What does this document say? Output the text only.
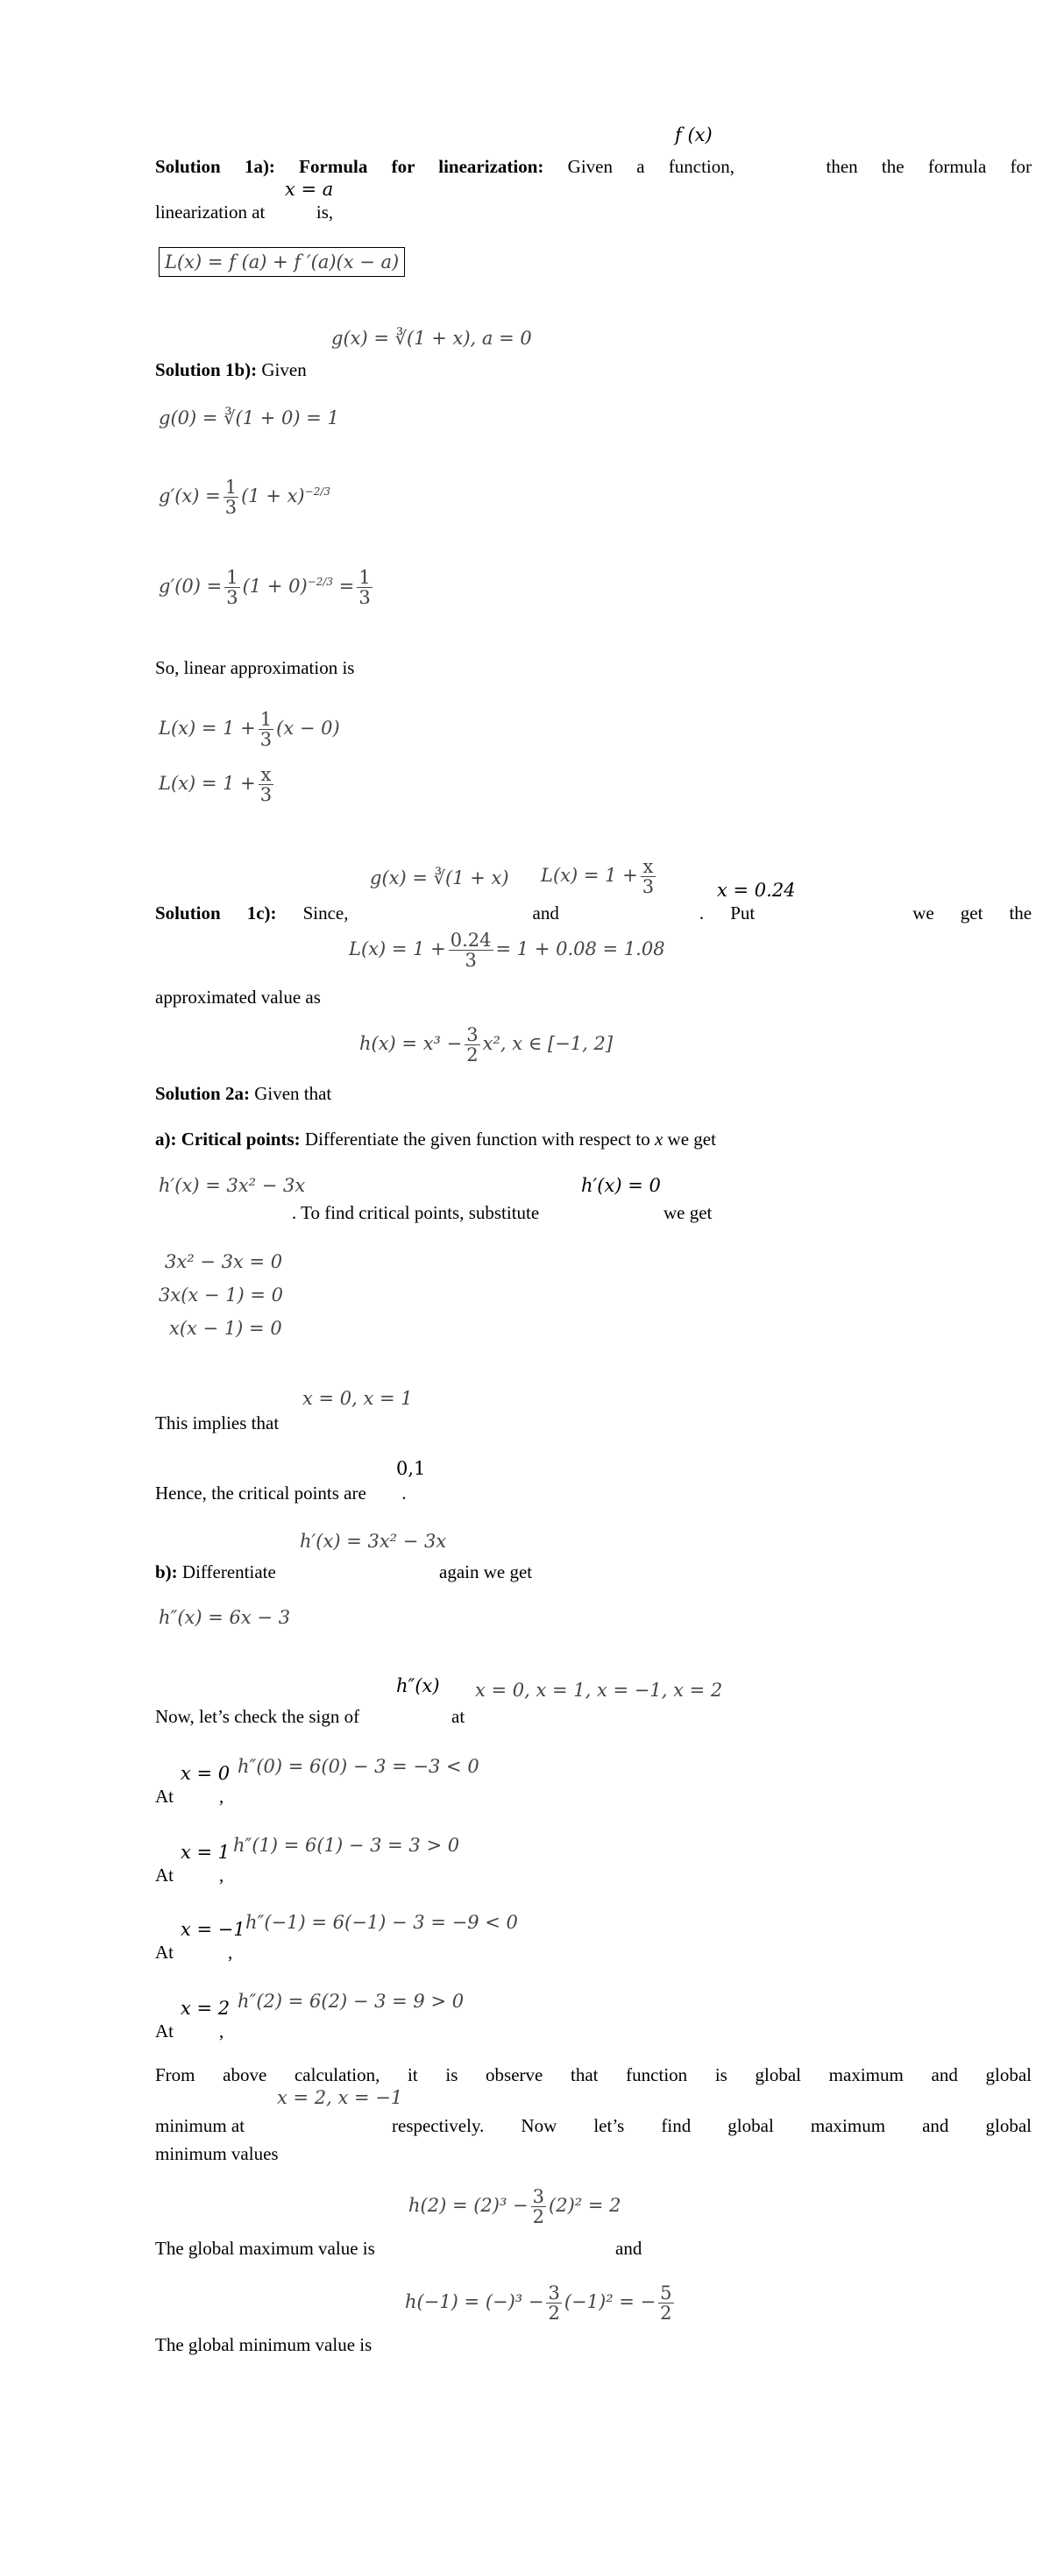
f (x)
Solution 1a): Formula for linearization: Given a function,	then the formula for
x = a
linearization at	is,
L(x) = f (a) + f ′(a)(x − a)
g(x) = ∛(1 + x), a = 0
Solution 1b): Given
g(0) = ∛(1 + 0) = 1
$g'(x) = \frac{1}{3} (1 + x)^{-2/3}$
$g'(0) = \frac{1}{3} (1 + 0)^{-2/3} = \frac{1}{3}$
So, linear approximation is
$L(x) = 1 + \frac{1}{3} (x - 0)$
$L(x) = 1 + \frac{x}{3}$
g(x) = ∛(1 + x) $L(x) = 1 + \frac{x}{3}$	x = 0.24
Solution 1c): Since,	and	. Put	we get the
$L(x) = 1 + \frac{0.24}{3} = 1 + 0.08 = 1.08$
approximated value as
$h(x) = x^3 - \frac{3}{2} x^2$, x ∈ [−1, 2]
Solution 2a: Given that
a): Critical points: Differentiate the given function with respect to x we get
h′(x) = 3x² − 3x	h′(x) = 0
. To find critical points, substitute	we get
3x² − 3x = 0
3x(x − 1) = 0
x(x − 1) = 0
x = 0, x = 1
This implies that
0,1
Hence, the critical points are .
h′(x) = 3x² − 3x
b): Differentiate	again we get
h″(x) = 6x − 3
h″(x) x = 0, x = 1, x = −1, x = 2
Now, let’s check the sign of	at
x = 0 h″(0) = 6(0) − 3 = −3 < 0
At ,
x = 1 h″(1) = 6(1) − 3 = 3 > 0
At ,
x = −1 h″(−1) = 6(−1) − 3 = −9 < 0
At	,
x = 2 h″(2) = 6(2) − 3 = 9 > 0
At ,
From above calculation, it is observe that function is global maximum and global
x = 2, x = −1
minimum at	respectively. Now let’s find global maximum and global
minimum values
$h(2) = (2)^3 - \frac{3}{2} (2)^2 = 2$
The global maximum value is	and
$h(-1) = (-)^3 - \frac{3}{2} (-1)^2$ = − $\frac{5}{2}$
The global minimum value is
